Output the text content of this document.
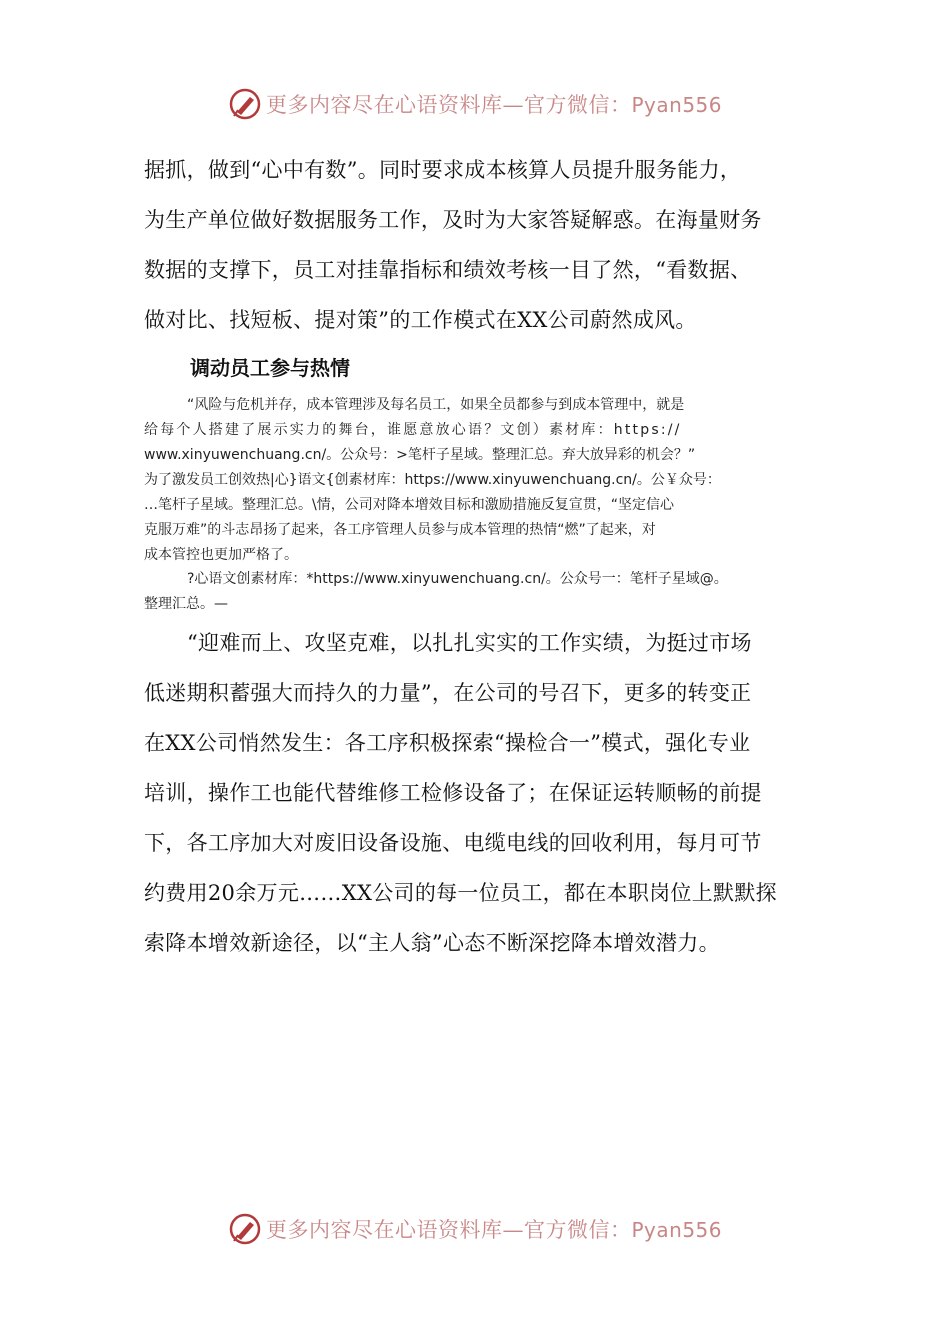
更多内容尽在心语资料库—官方微信：Pyan556
据抓，做到“心中有数”。同时要求成本核算人员提升服务能力，
为生产单位做好数据服务工作，及时为大家答疑解惑。在海量财务
数据的支撑下，员工对挂靠指标和绩效考核一目了然，“看数据、
做对比、找短板、提对策”的工作模式在XX公司蔚然成风。
调动员工参与热情
“风险与危机并存，成本管理涉及每名员工，如果全员都参与到成本管理中，就是
给每个人搭建了展示实力的舞台，谁愿意放心语？文创）素材库：https://
www.xinyuwenchuang.cn/。公众号：>笔杆子星域。整理汇总。弃大放异彩的机会？”
为了激发员工创效热|心}语文{创素材库：https://www.xinyuwenchuang.cn/。公￥众号：
…笔杆子星域。整理汇总。\情，公司对降本增效目标和激励措施反复宣贯，“坚定信心
克服万难”的斗志昂扬了起来，各工序管理人员参与成本管理的热情“燃”了起来，对
成本管控也更加严格了。
?心语文创素材库：*https://www.xinyuwenchuang.cn/。公众号一：笔杆子星域@。
整理汇总。—
“迎难而上、攻坚克难，以扎扎实实的工作实绩，为挺过市场
低迷期积蓄强大而持久的力量”，在公司的号召下，更多的转变正
在XX公司悄然发生：各工序积极探索“操检合一”模式，强化专业
培训，操作工也能代替维修工检修设备了；在保证运转顺畅的前提
下，各工序加大对废旧设备设施、电缆电线的回收利用，每月可节
约费用20余万元……XX公司的每一位员工，都在本职岗位上默默探
索降本增效新途径，以“主人翁”心态不断深挖降本增效潜力。
更多内容尽在心语资料库—官方微信：Pyan556
